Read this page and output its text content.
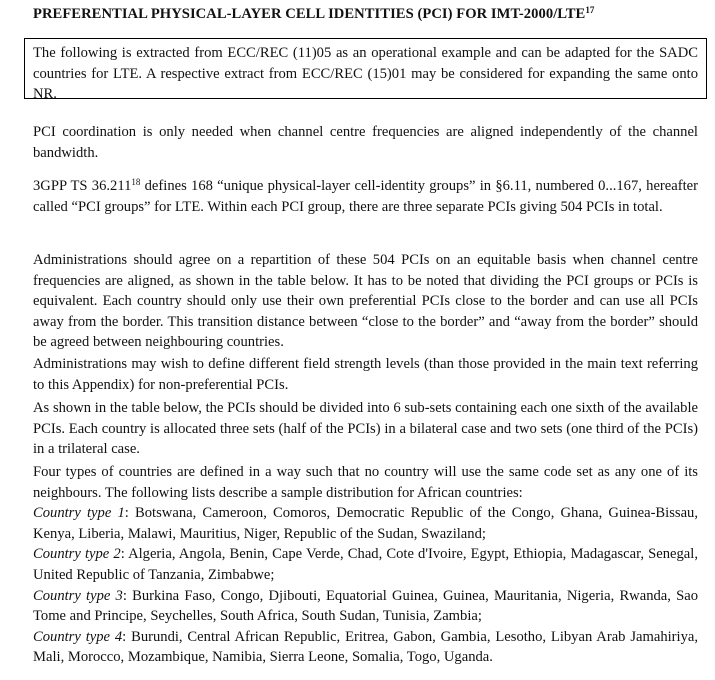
PREFERENTIAL PHYSICAL-LAYER CELL IDENTITIES (PCI) FOR IMT-2000/LTE$^{17}$

The following is extracted from ECC/REC (11)05 as an operational example and can be adapted for the SADC countries for LTE. A respective extract from ECC/REC (15)01 may be considered for expanding the same onto NR.

PCI coordination is only needed when channel centre frequencies are aligned independently of the channel bandwidth.

3GPP TS 36.211$^{18}$ defines 168 “unique physical-layer cell-identity groups” in §6.11, numbered 0...167, hereafter called “PCI groups” for LTE. Within each PCI group, there are three separate PCIs giving 504 PCIs in total.

Administrations should agree on a repartition of these 504 PCIs on an equitable basis when channel centre frequencies are aligned, as shown in the table below. It has to be noted that dividing the PCI groups or PCIs is equivalent. Each country should only use their own preferential PCIs close to the border and can use all PCIs away from the border. This transition distance between “close to the border” and “away from the border” should be agreed between neighbouring countries.

Administrations may wish to define different field strength levels (than those provided in the main text referring to this Appendix) for non-preferential PCIs.

As shown in the table below, the PCIs should be divided into 6 sub-sets containing each one sixth of the available PCIs. Each country is allocated three sets (half of the PCIs) in a bilateral case and two sets (one third of the PCIs) in a trilateral case.

Four types of countries are defined in a way such that no country will use the same code set as any one of its neighbours. The following lists describe a sample distribution for African countries:
Country type 1: Botswana, Cameroon, Comoros, Democratic Republic of the Congo, Ghana, Guinea-Bissau, Kenya, Liberia, Malawi, Mauritius, Niger, Republic of the Sudan, Swaziland;
Country type 2: Algeria, Angola, Benin, Cape Verde, Chad, Cote d'Ivoire, Egypt, Ethiopia, Madagascar, Senegal, United Republic of Tanzania, Zimbabwe;
Country type 3: Burkina Faso, Congo, Djibouti, Equatorial Guinea, Guinea, Mauritania, Nigeria, Rwanda, Sao Tome and Principe, Seychelles, South Africa, South Sudan, Tunisia, Zambia;
Country type 4: Burundi, Central African Republic, Eritrea, Gabon, Gambia, Lesotho, Libyan Arab Jamahiriya, Mali, Morocco, Mozambique, Namibia, Sierra Leone, Somalia, Togo, Uganda.
